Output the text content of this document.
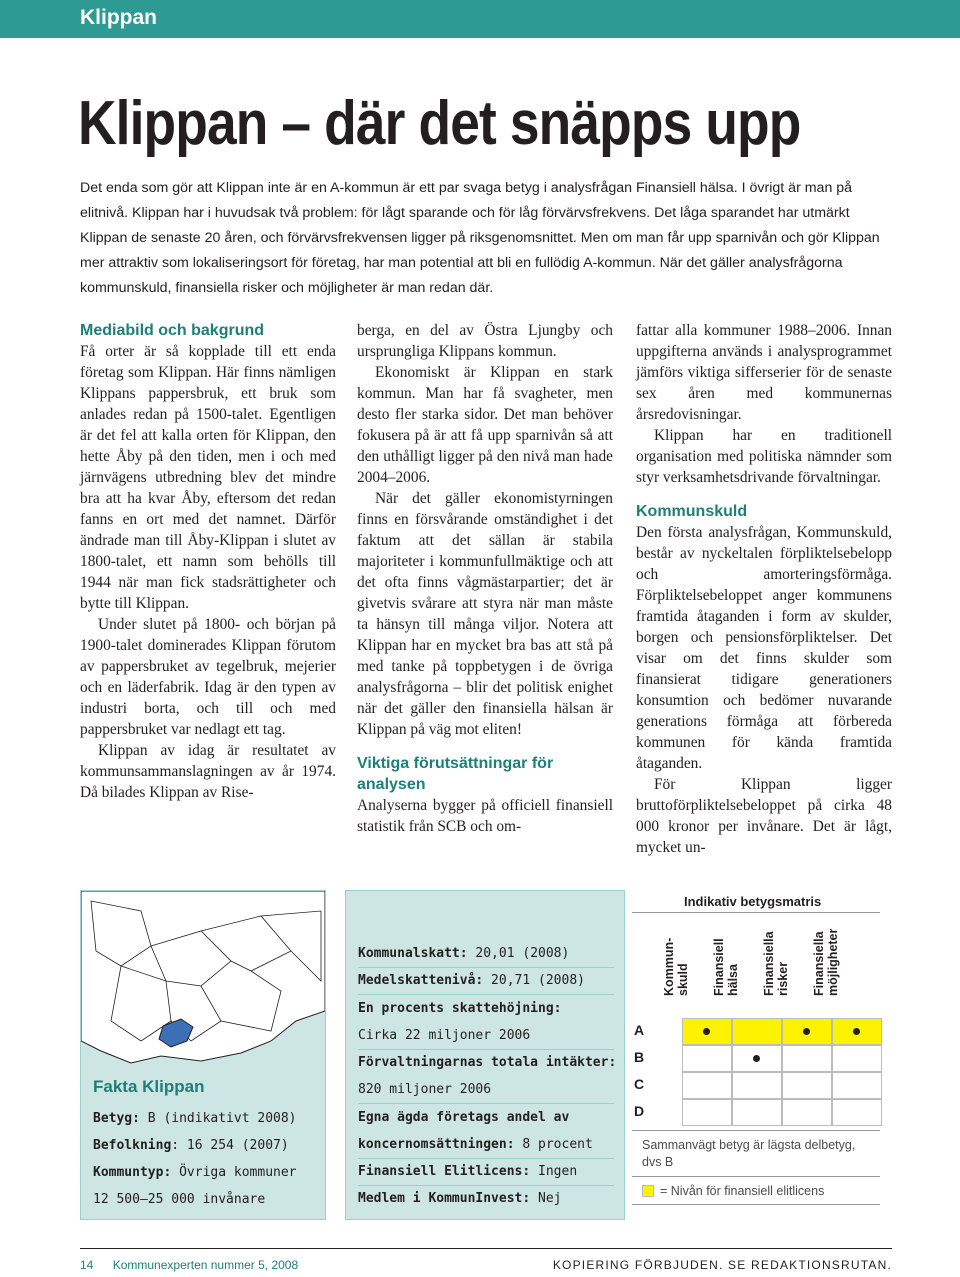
Klippan
Klippan – där det snäpps upp

Det enda som gör att Klippan inte är en A-kommun är ett par svaga betyg i analysfrågan Finansiell hälsa. I övrigt är man på elitnivå. Klippan har i huvudsak två problem: för lågt sparande och för låg förvärvsfrekvens. Det låga sparandet har utmärkt Klippan de senaste 20 åren, och förvärvsfrekvensen ligger på riksgenomsnittet. Men om man får upp sparnivån och gör Klippan mer attraktiv som lokaliseringsort för företag, har man potential att bli en fullödig A-kommun. När det gäller analysfrågorna kommunskuld, finansiella risker och möjligheter är man redan där.

Mediabild och bakgrund

Få orter är så kopplade till ett enda företag som Klippan. Här finns nämligen Klippans pappersbruk, ett bruk som anlades redan på 1500-talet. Egentligen är det fel att kalla orten för Klippan, den hette Åby på den tiden, men i och med järnvägens utbredning blev det mindre bra att ha kvar Åby, eftersom det redan fanns en ort med det namnet. Därför ändrade man till Åby-Klippan i slutet av 1800-talet, ett namn som behölls till 1944 när man fick stadsrättigheter och bytte till Klippan.

Under slutet på 1800- och början på 1900-talet dominerades Klippan förutom av pappersbruket av tegelbruk, mejerier och en läderfabrik. Idag är den typen av industri borta, och till och med pappersbruket var nedlagt ett tag.

Klippan av idag är resultatet av kommunsammanslagningen av år 1974. Då bilades Klippan av Rise-

berga, en del av Östra Ljungby och ursprungliga Klippans kommun.

Ekonomiskt är Klippan en stark kommun. Man har få svagheter, men desto fler starka sidor. Det man behöver fokusera på är att få upp sparnivån så att den uthålligt ligger på den nivå man hade 2004–2006.

När det gäller ekonomistyrningen finns en försvårande omständighet i det faktum att det sällan är stabila majoriteter i kommunfullmäktige och att det ofta finns vågmästarpartier; det är givetvis svårare att styra när man måste ta hänsyn till många viljor. Notera att Klippan har en mycket bra bas att stå på med tanke på toppbetygen i de övriga analysfrågorna – blir det politisk enighet när det gäller den finansiella hälsan är Klippan på väg mot eliten!

Viktiga förutsättningar för analysen

Analyserna bygger på officiell finansiell statistik från SCB och om-

fattar alla kommuner 1988–2006. Innan uppgifterna används i analysprogrammet jämförs viktiga sifferserier för de senaste sex åren med kommunernas årsredovisningar.

Klippan har en traditionell organisation med politiska nämnder som styr verksamhetsdrivande förvaltningar.

Kommunskuld

Den första analysfrågan, Kommunskuld, består av nyckeltalen förpliktelsebelopp och amorteringsförmåga. Förpliktelsebeloppet anger kommunens framtida åtaganden i form av skulder, borgen och pensionsförpliktelser. Det visar om det finns skulder som finansierat tidigare generationers konsumtion och bedömer nuvarande generations förmåga att förbereda kommunen för kända framtida åtaganden.

För Klippan ligger bruttoförpliktelsebeloppet på cirka 48 000 kronor per invånare. Det är lågt, mycket un-

Fakta Klippan
Betyg: B (indikativt 2008)
Befolkning: 16 254 (2007)
Kommuntyp: Övriga kommuner
12 500–25 000 invånare
Kommunalskatt: 20,01 (2008)
Medelskattenivå: 20,71 (2008)
En procents skattehöjning:
Cirka 22 miljoner 2006
Förvaltningarnas totala intäkter:
820 miljoner 2006
Egna ägda företags andel av
koncernomsättningen: 8 procent
Finansiell Elitlicens: Ingen
Medlem i KommunInvest: Nej
Indikativ betygsmatris
Kommun-
skuld Finansiell
hälsa Finansiella
risker Finansiella
möjligheter
A
B
C
D
Sammanvägt betyg är lägsta delbetyg, dvs B
= Nivån för finansiell elitlicens
14 Kommunexperten nummer 5, 2008	KOPIERING FÖRBJUDEN. SE REDAKTIONSRUTAN.
